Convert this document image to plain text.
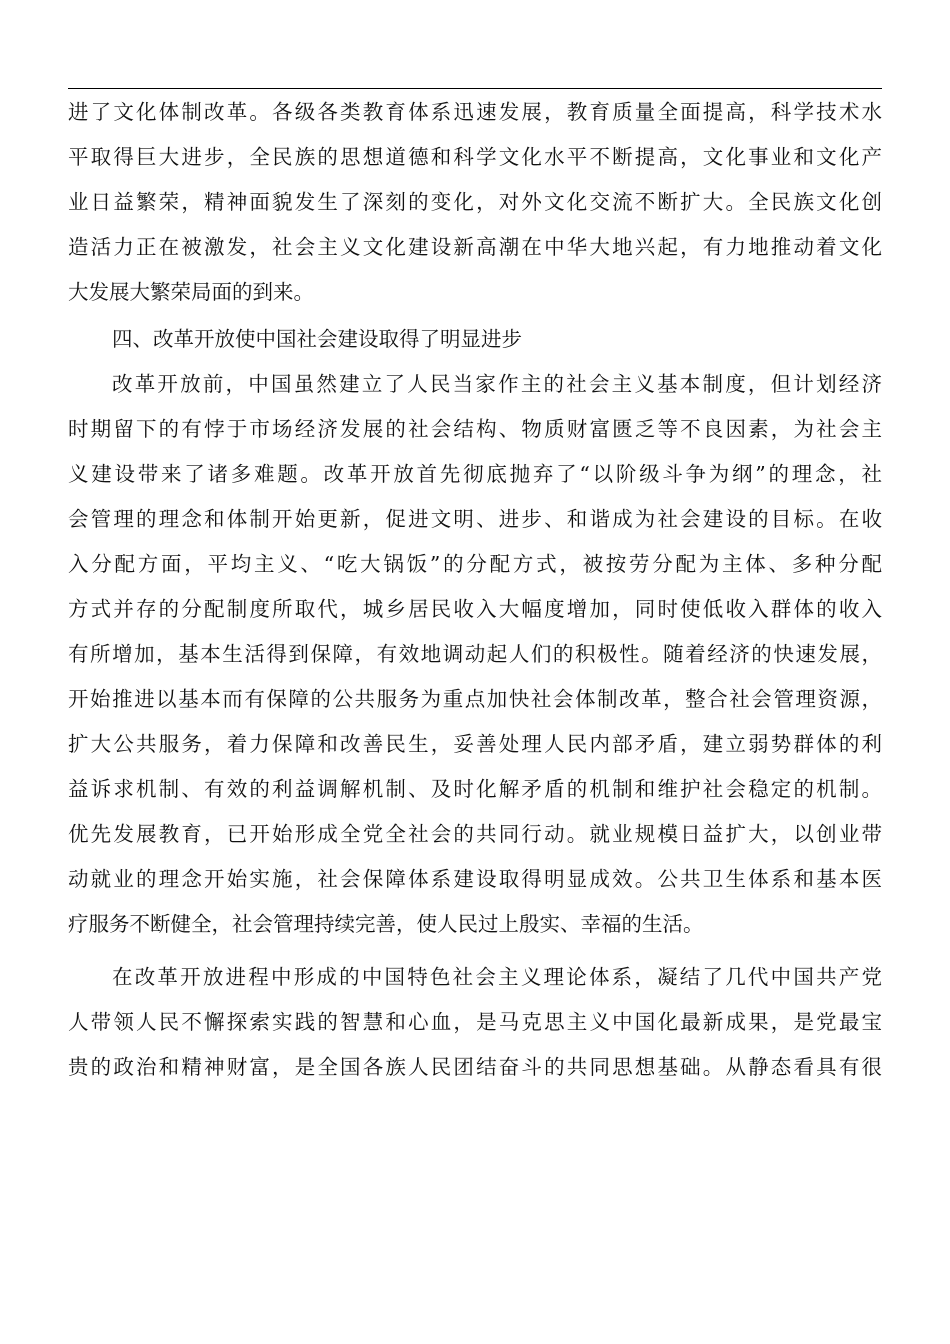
进了文化体制改革。各级各类教育体系迅速发展，教育质量全面提高，科学技术水
平取得巨大进步，全民族的思想道德和科学文化水平不断提高，文化事业和文化产
业日益繁荣，精神面貌发生了深刻的变化，对外文化交流不断扩大。全民族文化创
造活力正在被激发，社会主义文化建设新高潮在中华大地兴起，有力地推动着文化
大发展大繁荣局面的到来。
四、改革开放使中国社会建设取得了明显进步
改革开放前，中国虽然建立了人民当家作主的社会主义基本制度，但计划经济
时期留下的有悖于市场经济发展的社会结构、物质财富匮乏等不良因素，为社会主
义建设带来了诸多难题。改革开放首先彻底抛弃了“以阶级斗争为纲”的理念，社
会管理的理念和体制开始更新，促进文明、进步、和谐成为社会建设的目标。在收
入分配方面，平均主义、“吃大锅饭”的分配方式，被按劳分配为主体、多种分配
方式并存的分配制度所取代，城乡居民收入大幅度增加，同时使低收入群体的收入
有所增加，基本生活得到保障，有效地调动起人们的积极性。随着经济的快速发展，
开始推进以基本而有保障的公共服务为重点加快社会体制改革，整合社会管理资源，
扩大公共服务，着力保障和改善民生，妥善处理人民内部矛盾，建立弱势群体的利
益诉求机制、有效的利益调解机制、及时化解矛盾的机制和维护社会稳定的机制。
优先发展教育，已开始形成全党全社会的共同行动。就业规模日益扩大，以创业带
动就业的理念开始实施，社会保障体系建设取得明显成效。公共卫生体系和基本医
疗服务不断健全，社会管理持续完善，使人民过上殷实、幸福的生活。
在改革开放进程中形成的中国特色社会主义理论体系，凝结了几代中国共产党
人带领人民不懈探索实践的智慧和心血，是马克思主义中国化最新成果，是党最宝
贵的政治和精神财富，是全国各族人民团结奋斗的共同思想基础。从静态看具有很
